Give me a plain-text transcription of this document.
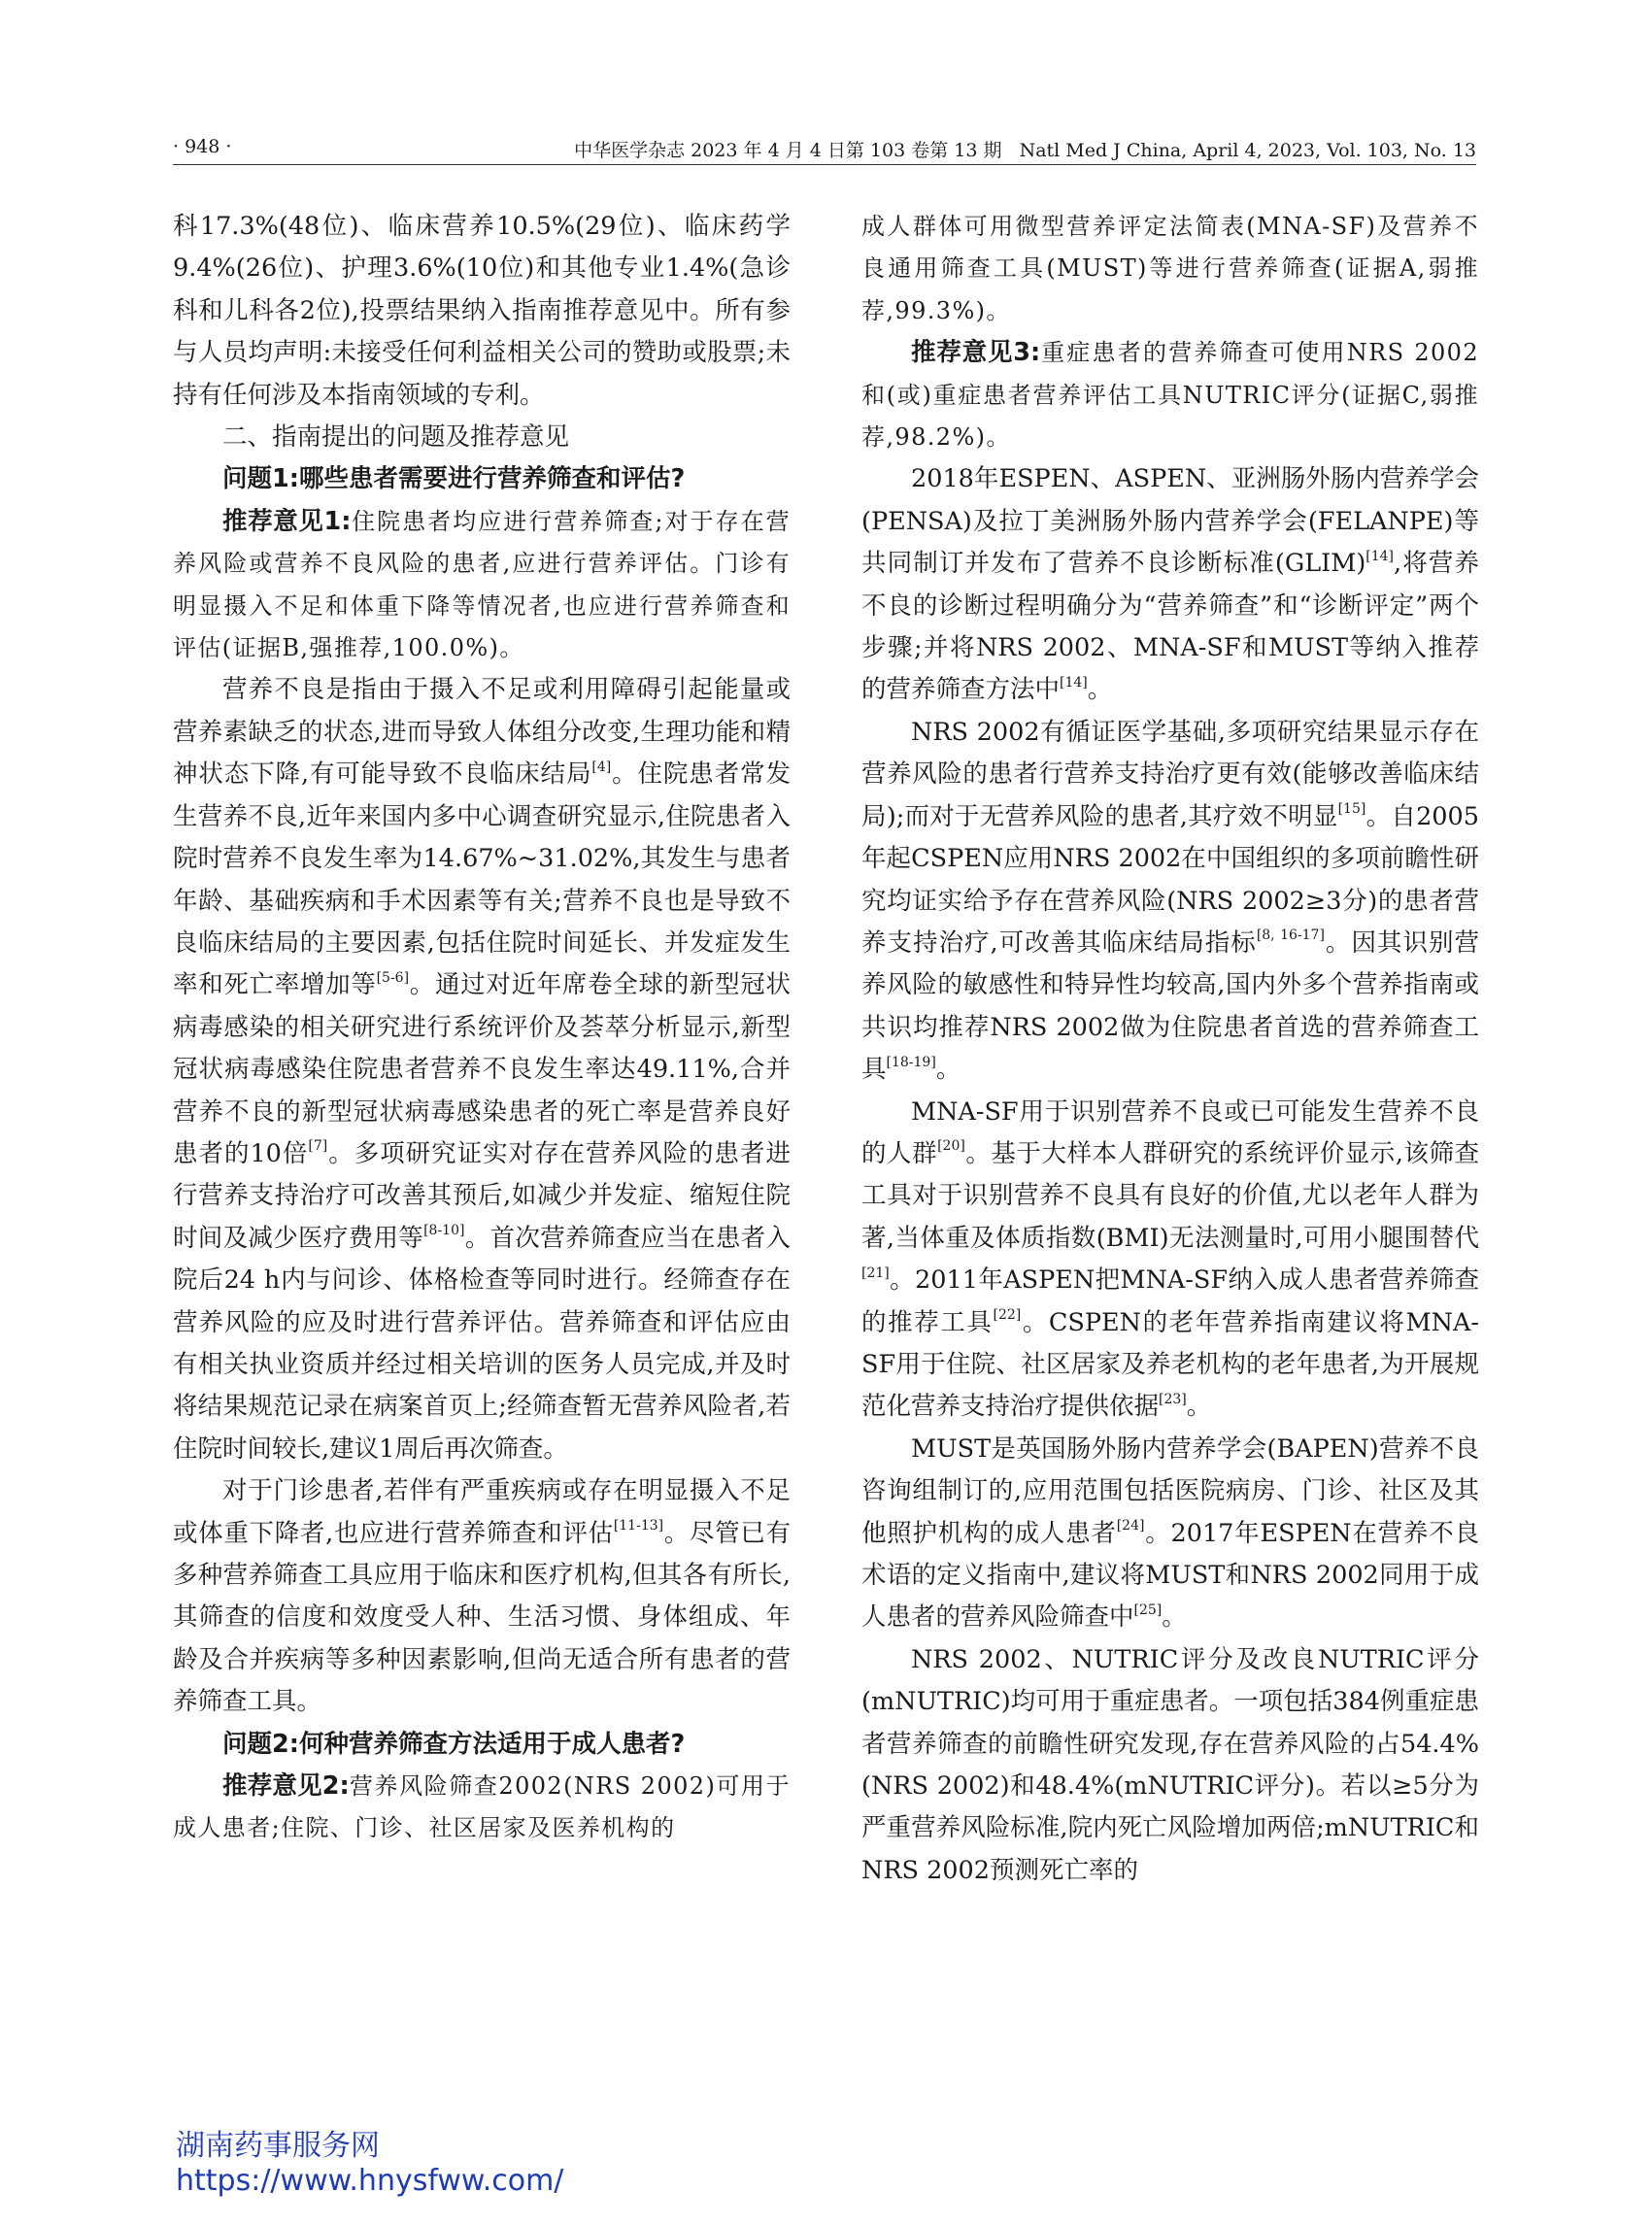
· 948 ·	中华医学杂志 2023 年 4 月 4 日第 103 卷第 13 期   Natl Med J China, April 4, 2023, Vol. 103, No. 13

科17.3%(48位)、临床营养10.5%(29位)、临床药学9.4%(26位)、护理3.6%(10位)和其他专业1.4%(急诊科和儿科各2位),投票结果纳入指南推荐意见中。所有参与人员均声明:未接受任何利益相关公司的赞助或股票;未持有任何涉及本指南领域的专利。

二、指南提出的问题及推荐意见

问题1:哪些患者需要进行营养筛查和评估?

推荐意见1:住院患者均应进行营养筛查;对于存在营养风险或营养不良风险的患者,应进行营养评估。门诊有明显摄入不足和体重下降等情况者,也应进行营养筛查和评估(证据B,强推荐,100.0%)。

营养不良是指由于摄入不足或利用障碍引起能量或营养素缺乏的状态,进而导致人体组分改变,生理功能和精神状态下降,有可能导致不良临床结局[4]。住院患者常发生营养不良,近年来国内多中心调查研究显示,住院患者入院时营养不良发生率为14.67%~31.02%,其发生与患者年龄、基础疾病和手术因素等有关;营养不良也是导致不良临床结局的主要因素,包括住院时间延长、并发症发生率和死亡率增加等[5-6]。通过对近年席卷全球的新型冠状病毒感染的相关研究进行系统评价及荟萃分析显示,新型冠状病毒感染住院患者营养不良发生率达49.11%,合并营养不良的新型冠状病毒感染患者的死亡率是营养良好患者的10倍[7]。多项研究证实对存在营养风险的患者进行营养支持治疗可改善其预后,如减少并发症、缩短住院时间及减少医疗费用等[8-10]。首次营养筛查应当在患者入院后24 h内与问诊、体格检查等同时进行。经筛查存在营养风险的应及时进行营养评估。营养筛查和评估应由有相关执业资质并经过相关培训的医务人员完成,并及时将结果规范记录在病案首页上;经筛查暂无营养风险者,若住院时间较长,建议1周后再次筛查。

对于门诊患者,若伴有严重疾病或存在明显摄入不足或体重下降者,也应进行营养筛查和评估[11-13]。尽管已有多种营养筛查工具应用于临床和医疗机构,但其各有所长,其筛查的信度和效度受人种、生活习惯、身体组成、年龄及合并疾病等多种因素影响,但尚无适合所有患者的营养筛查工具。

问题2:何种营养筛查方法适用于成人患者?

推荐意见2:营养风险筛查2002(NRS 2002)可用于成人患者;住院、门诊、社区居家及医养机构的

成人群体可用微型营养评定法简表(MNA-SF)及营养不良通用筛查工具(MUST)等进行营养筛查(证据A,弱推荐,99.3%)。

推荐意见3:重症患者的营养筛查可使用NRS 2002和(或)重症患者营养评估工具NUTRIC评分(证据C,弱推荐,98.2%)。

2018年ESPEN、ASPEN、亚洲肠外肠内营养学会(PENSA)及拉丁美洲肠外肠内营养学会(FELANPE)等共同制订并发布了营养不良诊断标准(GLIM)[14],将营养不良的诊断过程明确分为“营养筛查”和“诊断评定”两个步骤;并将NRS 2002、MNA-SF和MUST等纳入推荐的营养筛查方法中[14]。

NRS 2002有循证医学基础,多项研究结果显示存在营养风险的患者行营养支持治疗更有效(能够改善临床结局);而对于无营养风险的患者,其疗效不明显[15]。自2005年起CSPEN应用NRS 2002在中国组织的多项前瞻性研究均证实给予存在营养风险(NRS 2002≥3分)的患者营养支持治疗,可改善其临床结局指标[8, 16-17]。因其识别营养风险的敏感性和特异性均较高,国内外多个营养指南或共识均推荐NRS 2002做为住院患者首选的营养筛查工具[18-19]。

MNA-SF用于识别营养不良或已可能发生营养不良的人群[20]。基于大样本人群研究的系统评价显示,该筛查工具对于识别营养不良具有良好的价值,尤以老年人群为著,当体重及体质指数(BMI)无法测量时,可用小腿围替代[21]。2011年ASPEN把MNA-SF纳入成人患者营养筛查的推荐工具[22]。CSPEN的老年营养指南建议将MNA-SF用于住院、社区居家及养老机构的老年患者,为开展规范化营养支持治疗提供依据[23]。

MUST是英国肠外肠内营养学会(BAPEN)营养不良咨询组制订的,应用范围包括医院病房、门诊、社区及其他照护机构的成人患者[24]。2017年ESPEN在营养不良术语的定义指南中,建议将MUST和NRS 2002同用于成人患者的营养风险筛查中[25]。

NRS 2002、NUTRIC评分及改良NUTRIC评分(mNUTRIC)均可用于重症患者。一项包括384例重症患者营养筛查的前瞻性研究发现,存在营养风险的占54.4%(NRS 2002)和48.4%(mNUTRIC评分)。若以≥5分为严重营养风险标准,院内死亡风险增加两倍;mNUTRIC和NRS 2002预测死亡率的

湖南药事服务网
https://www.hnysfww.com/
